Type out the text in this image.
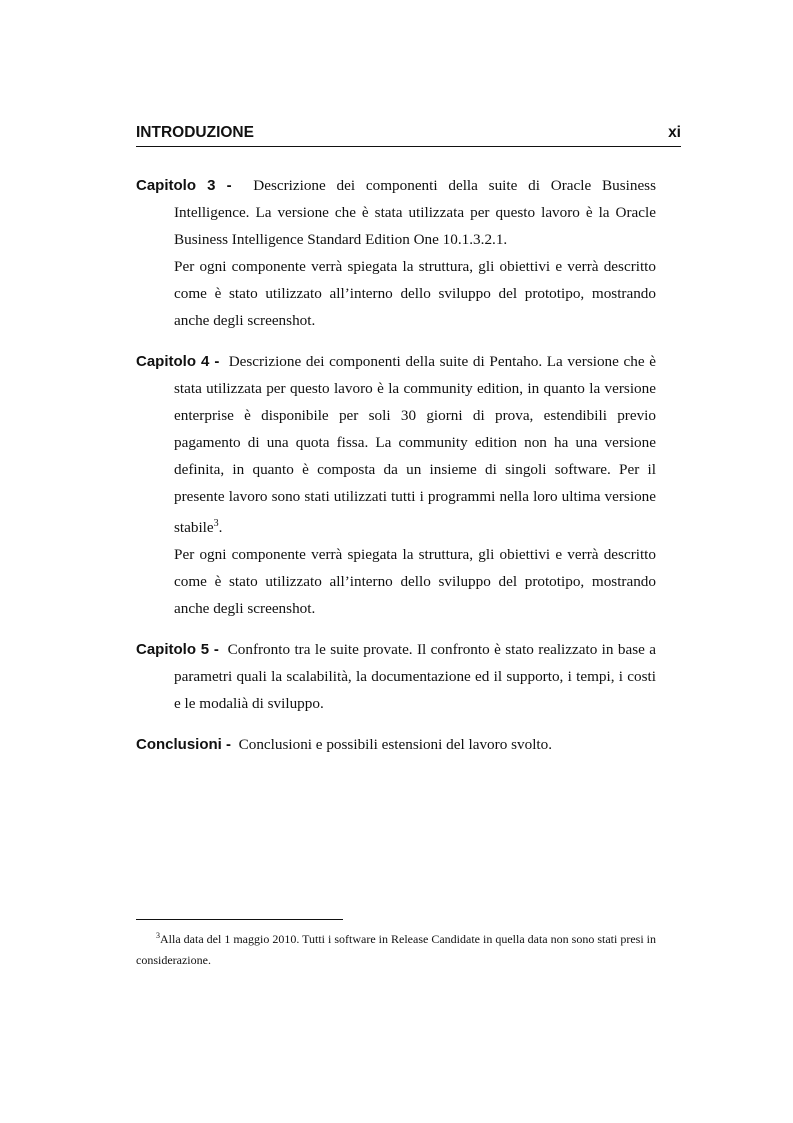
INTRODUZIONE	xi

Capitolo 3 - Descrizione dei componenti della suite di Oracle Business Intelligence. La versione che è stata utilizzata per questo lavoro è la Oracle Business Intelligence Standard Edition One 10.1.3.2.1.

Per ogni componente verrà spiegata la struttura, gli obiettivi e verrà descritto come è stato utilizzato all’interno dello sviluppo del prototipo, mostrando anche degli screenshot.

Capitolo 4 - Descrizione dei componenti della suite di Pentaho. La versione che è stata utilizzata per questo lavoro è la community edition, in quanto la versione enterprise è disponibile per soli 30 giorni di prova, estendibili previo pagamento di una quota fissa. La community edition non ha una versione definita, in quanto è composta da un insieme di singoli software. Per il presente lavoro sono stati utilizzati tutti i programmi nella loro ultima versione stabile$^3$.

Per ogni componente verrà spiegata la struttura, gli obiettivi e verrà descritto come è stato utilizzato all’interno dello sviluppo del prototipo, mostrando anche degli screenshot.

Capitolo 5 - Confronto tra le suite provate. Il confronto è stato realizzato in base a parametri quali la scalabilità, la documentazione ed il supporto, i tempi, i costi e le modalià di sviluppo.

Conclusioni - Conclusioni e possibili estensioni del lavoro svolto.

$^3$Alla data del 1 maggio 2010. Tutti i software in Release Candidate in quella data non sono stati presi in considerazione.
